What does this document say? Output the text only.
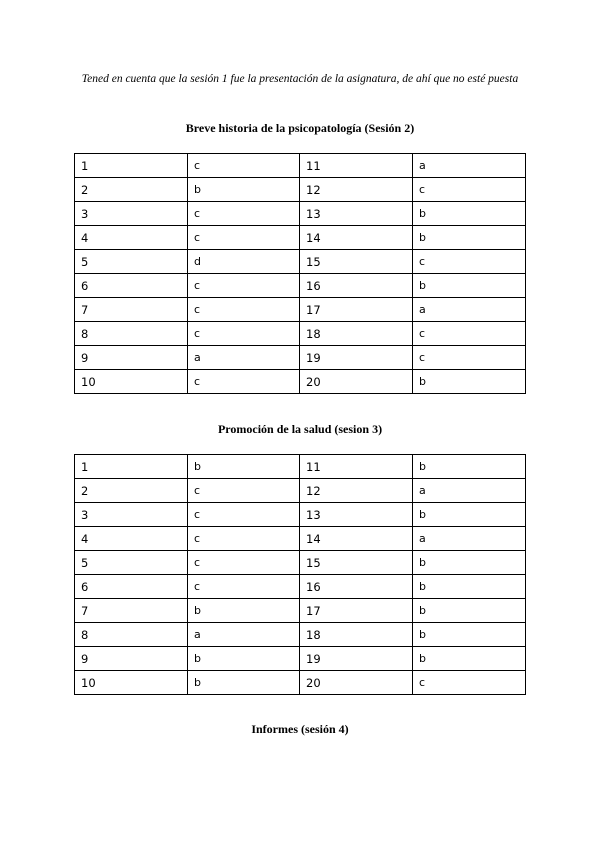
Tened en cuenta que la sesión 1 fue la presentación de la asignatura, de ahí que no esté puesta
Breve historia de la psicopatología (Sesión 2)
1	c	11	a
2	b	12	c
3	c	13	b
4	c	14	b
5	d	15	c
6	c	16	b
7	c	17	a
8	c	18	c
9	a	19	c
10	c	20	b
Promoción de la salud (sesion 3)
1	b	11	b
2	c	12	a
3	c	13	b
4	c	14	a
5	c	15	b
6	c	16	b
7	b	17	b
8	a	18	b
9	b	19	b
10	b	20	c
Informes (sesión 4)
